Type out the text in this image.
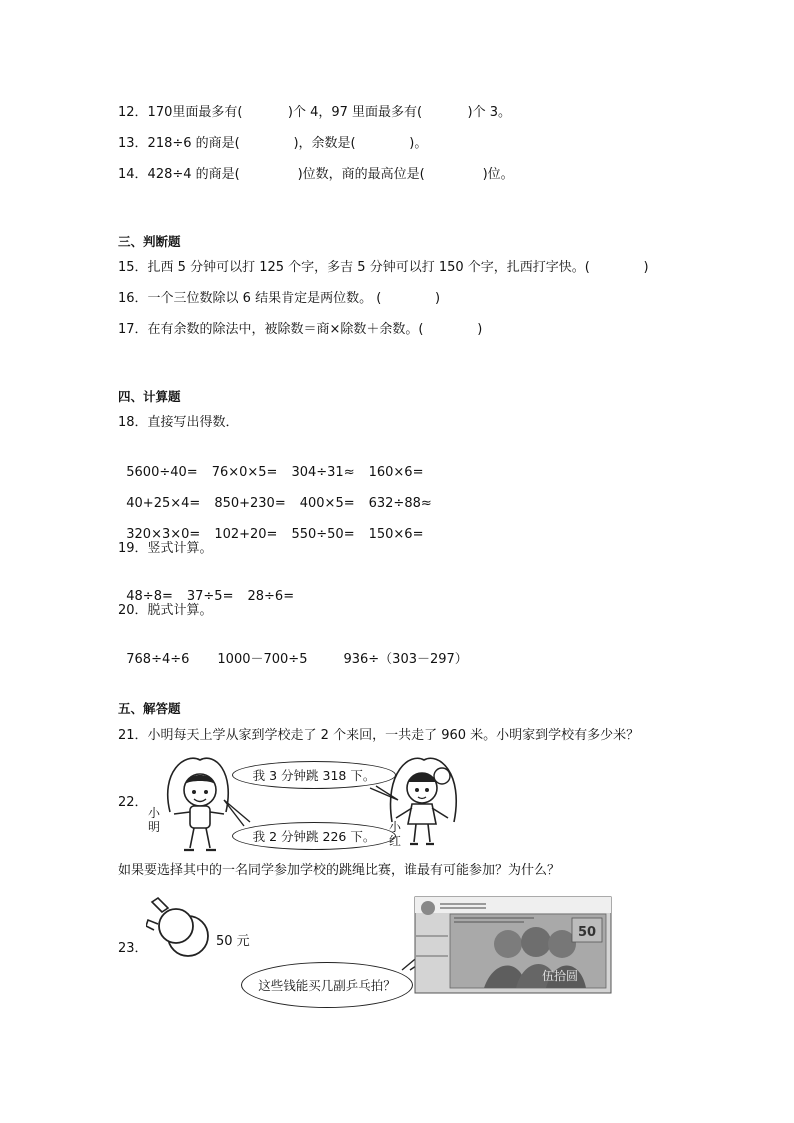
12．170里面最多有(           )个 4，97 里面最多有(           )个 3。
13．218÷6 的商是(             )，余数是(             )。
14．428÷4 的商是(              )位数，商的最高位是(              )位。
三、判断题
15．扎西 5 分钟可以打 125 个字，多吉 5 分钟可以打 150 个字，扎西打字快。(             )
16．一个三位数除以 6 结果肯定是两位数。 (             )
17．在有余数的除法中，被除数＝商×除数＋余数。(             )
四、计算题
18．直接写出得数．

5600÷40= 76×0×5= 304÷31≈ 160×6=

40+25×4= 850+230= 400×5= 632÷88≈

320×3×0= 102+20= 550÷50= 150×6=

19．竖式计算。

48÷8= 37÷5= 28÷6=

20．脱式计算。

768÷4÷6 1000－700÷5	936÷（303－297）

五、解答题
21．小明每天上学从家到学校走了 2 个来回，一共走了 960 米。小明家到学校有多少米？
22．
小明
我 3 分钟跳 318 下。
我 2 分钟跳 226 下。
小红
如果要选择其中的一名同学参加学校的跳绳比赛，谁最有可能参加？为什么？
23．	50 元
这些钱能买几副乒乓拍？
50
伍拾圆
